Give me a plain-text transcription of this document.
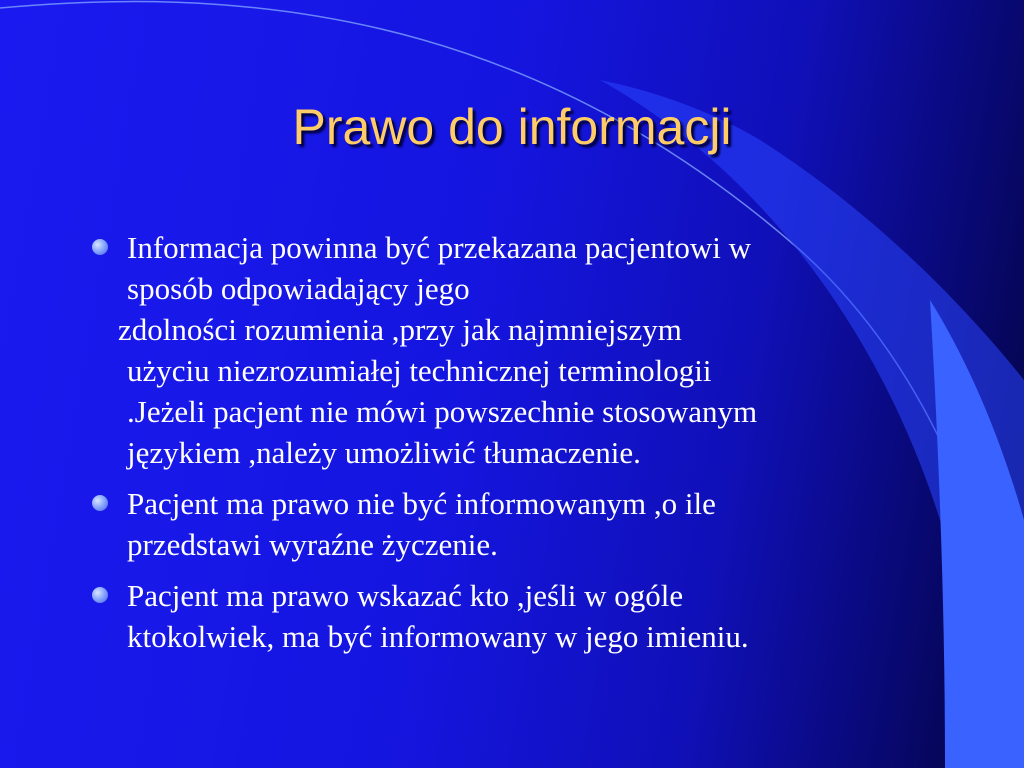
Prawo do informacji
Informacja powinna być przekazana pacjentowi w
sposób odpowiadający jego
zdolności rozumienia ,przy jak najmniejszym
użyciu niezrozumiałej technicznej terminologii
.Jeżeli pacjent nie mówi powszechnie stosowanym
językiem ,należy umożliwić tłumaczenie.
Pacjent ma prawo nie być informowanym ,o ile
przedstawi wyraźne życzenie.
Pacjent ma prawo wskazać kto ,jeśli w ogóle
ktokolwiek, ma być informowany w jego imieniu.
